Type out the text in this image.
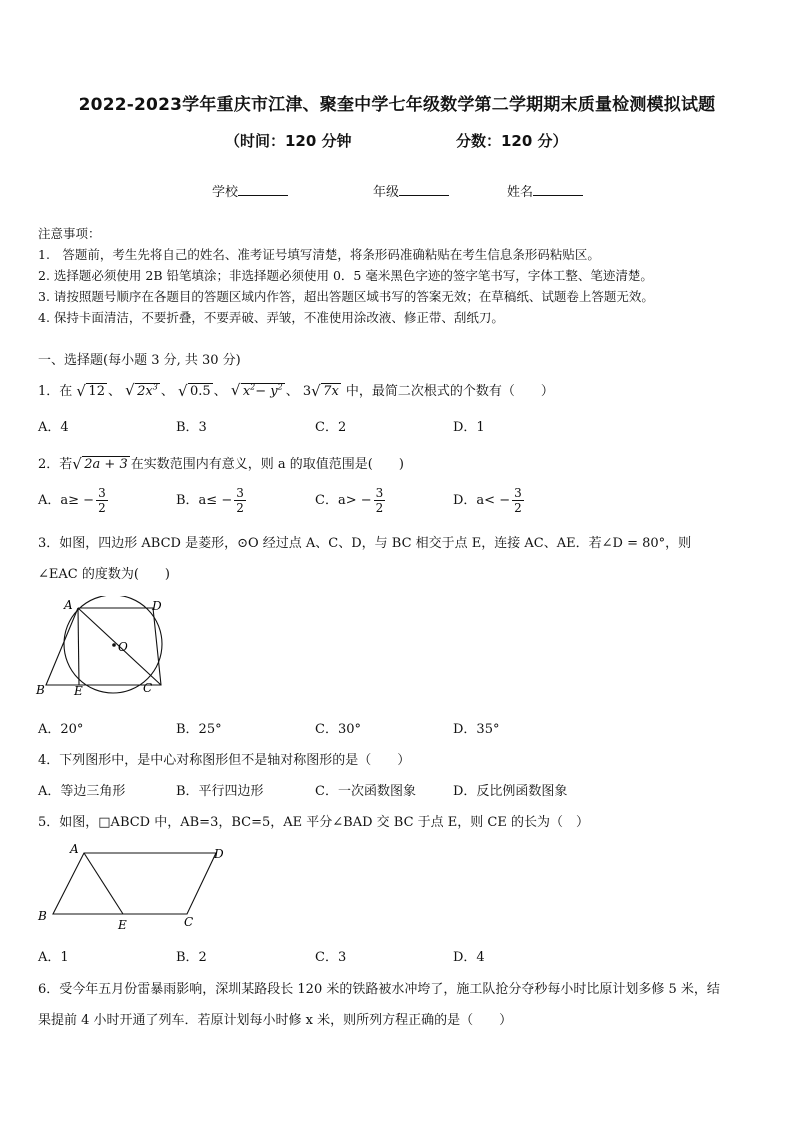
2022-2023学年重庆市江津、聚奎中学七年级数学第二学期期末质量检测模拟试题
（时间：120 分钟	分数：120 分）
学校	年级	姓名
注意事项：
1.　答题前，考生先将自己的姓名、准考证号填写清楚，将条形码准确粘贴在考生信息条形码粘贴区。
2. 选择题必须使用 2B 铅笔填涂；非选择题必须使用 0．5 毫米黑色字迹的签字笔书写，字体工整、笔迹清楚。
3. 请按照题号顺序在各题目的答题区域内作答，超出答题区域书写的答案无效；在草稿纸、试题卷上答题无效。
4. 保持卡面清洁，不要折叠，不要弄破、弄皱，不准使用涂改液、修正带、刮纸刀。
一、选择题(每小题 3 分, 共 30 分)
1．在 √ 12 、 √ $2x^3$ 、 √ 0.5 、 √ $x^2- y^2$ 、 3 √ 7x 中，最简二次根式的个数有（　　）
A．4	B．3	C．2	D．1
2．若 √ 2a + 3 在实数范围内有意义，则 a 的取值范围是(　　)
A．$a\ge - \frac{3}{2}$	B．$a\le - \frac{3}{2}$	C．$a> - \frac{3}{2}$	D．$a< - \frac{3}{2}$
3．如图，四边形 ABCD 是菱形，⊙O 经过点 A、C、D，与 BC 相交于点 E，连接 AC、AE．若∠D = 80°，则
∠EAC 的度数为(　　)
A	D
O
B E	C
A．20°	B．25°	C．30°	D．35°
4．下列图形中，是中心对称图形但不是轴对称图形的是（　　）
A．等边三角形	B．平行四边形	C．一次函数图象	D．反比例函数图象
5．如图，□ABCD 中，AB=3，BC=5，AE 平分∠BAD 交 BC 于点 E，则 CE 的长为（　）
A	D
B
E	C
A．1	B．2	C．3	D．4
6．受今年五月份雷暴雨影响，深圳某路段长 120 米的铁路被水冲垮了，施工队抢分夺秒每小时比原计划多修 5 米，结
果提前 4 小时开通了列车．若原计划每小时修 x 米，则所列方程正确的是（　　）
